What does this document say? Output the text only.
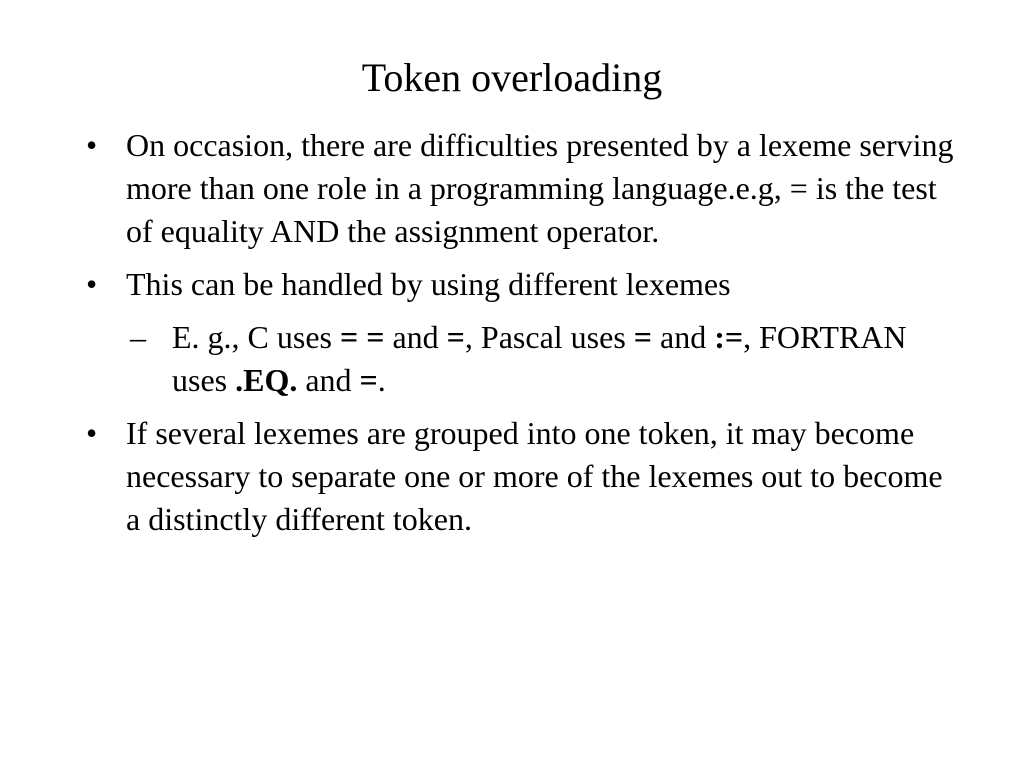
Token overloading
• On occasion, there are difficulties presented by a lexeme serving more than one role in a programming language.e.g, = is the test of equality AND the assignment operator.
• This can be handled by using different lexemes
– E. g., C uses = = and =, Pascal uses = and :=, FORTRAN uses .EQ. and =.
• If several lexemes are grouped into one token, it may become necessary to separate one or more of the lexemes out to become a distinctly different token.
